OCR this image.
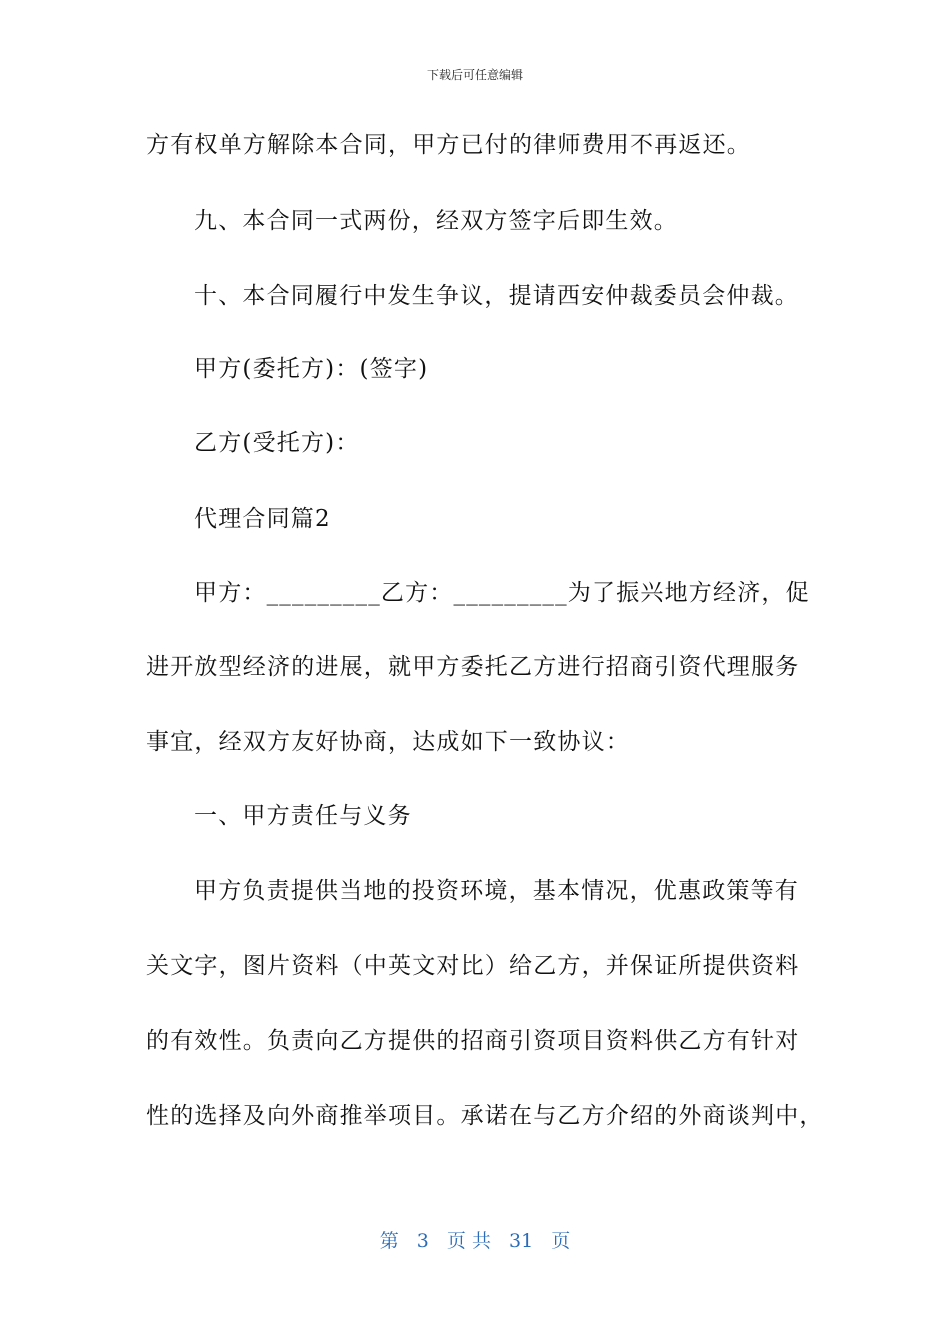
下载后可任意编辑
方有权单方解除本合同，甲方已付的律师费用不再返还。
九、本合同一式两份，经双方签字后即生效。
十、本合同履行中发生争议，提请西安仲裁委员会仲裁。
甲方(委托方)：(签字)
乙方(受托方)：
代理合同篇2
甲方：_________乙方：_________为了振兴地方经济，促
进开放型经济的进展，就甲方委托乙方进行招商引资代理服务
事宜，经双方友好协商，达成如下一致协议：
一、甲方责任与义务
甲方负责提供当地的投资环境，基本情况，优惠政策等有
关文字，图片资料（中英文对比）给乙方，并保证所提供资料
的有效性。负责向乙方提供的招商引资项目资料供乙方有针对
性的选择及向外商推举项目。承诺在与乙方介绍的外商谈判中，
第 3 页 共 31 页
